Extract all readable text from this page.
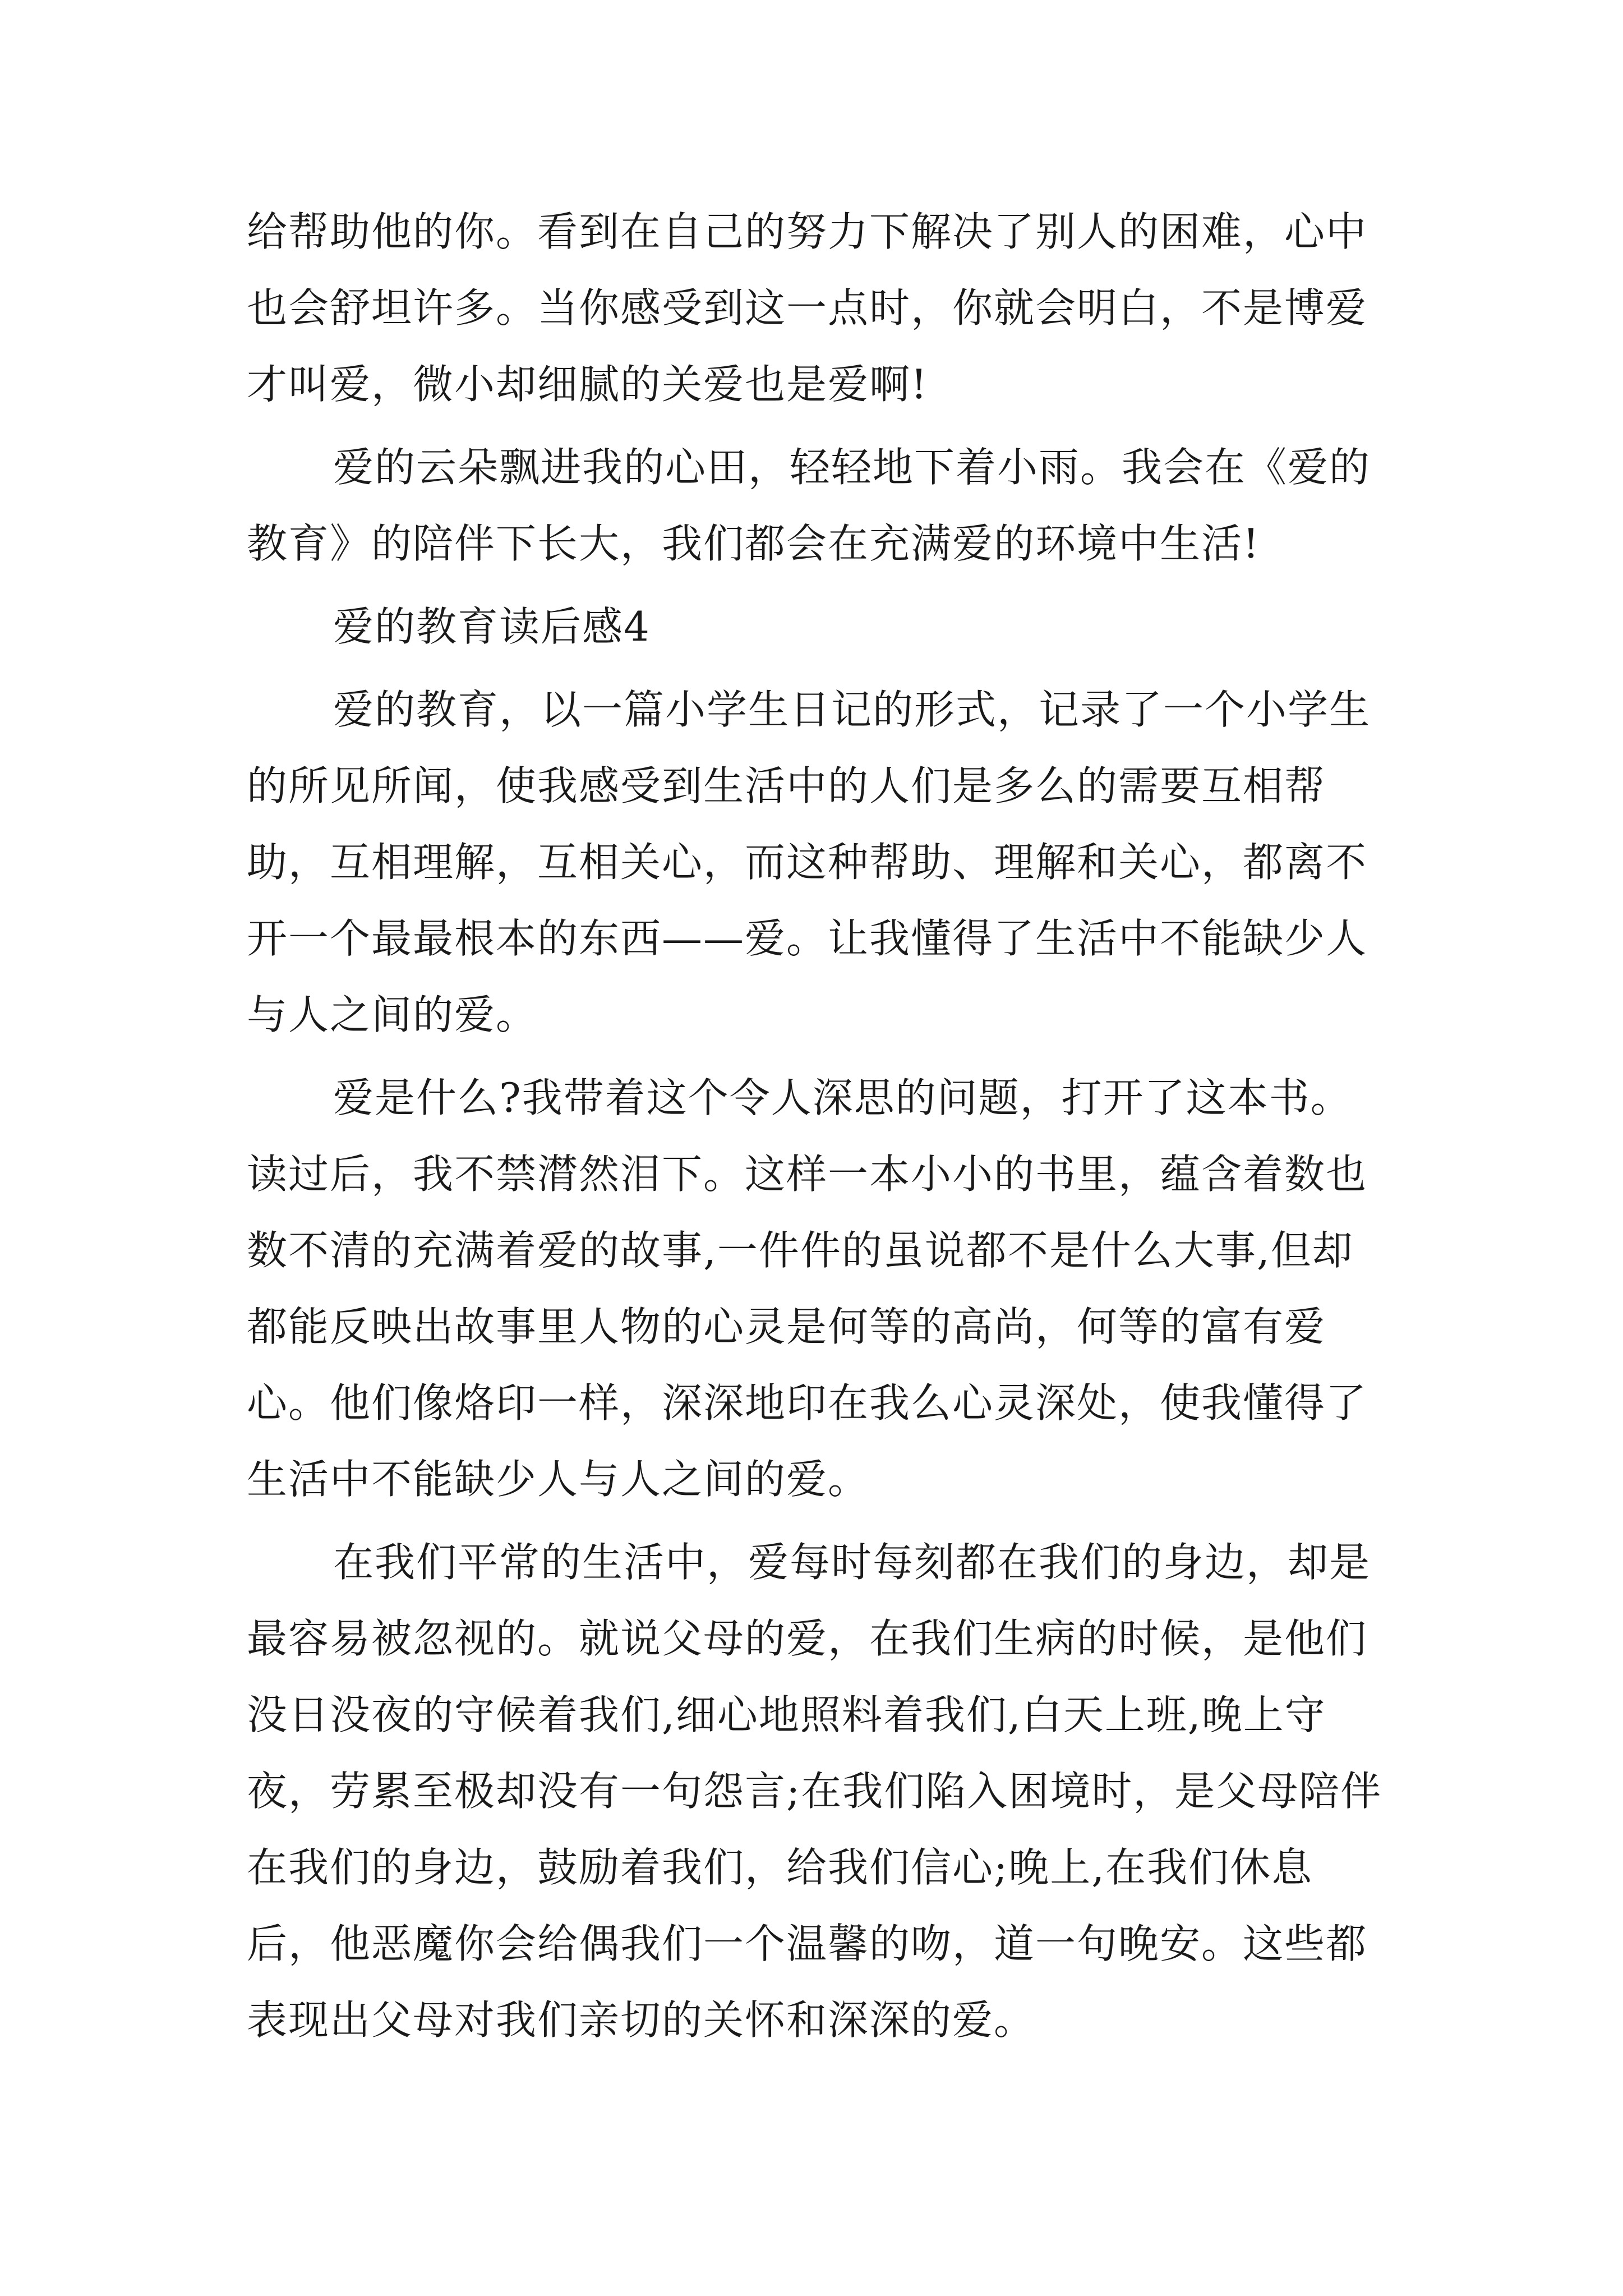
给帮助他的你。看到在自己的努力下解决了别人的困难，心中也会舒坦许多。当你感受到这一点时，你就会明白，不是博爱才叫爱，微小却细腻的关爱也是爱啊!

爱的云朵飘进我的心田，轻轻地下着小雨。我会在《爱的教育》的陪伴下长大，我们都会在充满爱的环境中生活!

爱的教育读后感4

爱的教育，以一篇小学生日记的形式，记录了一个小学生的所见所闻，使我感受到生活中的人们是多么的需要互相帮助，互相理解，互相关心，而这种帮助、理解和关心，都离不开一个最最根本的东西——爱。让我懂得了生活中不能缺少人与人之间的爱。

爱是什么?我带着这个令人深思的问题，打开了这本书。读过后，我不禁潸然泪下。这样一本小小的书里，蕴含着数也数不清的充满着爱的故事,一件件的虽说都不是什么大事,但却都能反映出故事里人物的心灵是何等的高尚，何等的富有爱心。他们像烙印一样，深深地印在我么心灵深处，使我懂得了生活中不能缺少人与人之间的爱。

在我们平常的生活中，爱每时每刻都在我们的身边，却是最容易被忽视的。就说父母的爱，在我们生病的时候，是他们没日没夜的守候着我们,细心地照料着我们,白天上班,晚上守夜，劳累至极却没有一句怨言;在我们陷入困境时，是父母陪伴在我们的身边，鼓励着我们，给我们信心;晚上,在我们休息后，他恶魔你会给偶我们一个温馨的吻，道一句晚安。这些都表现出父母对我们亲切的关怀和深深的爱。
